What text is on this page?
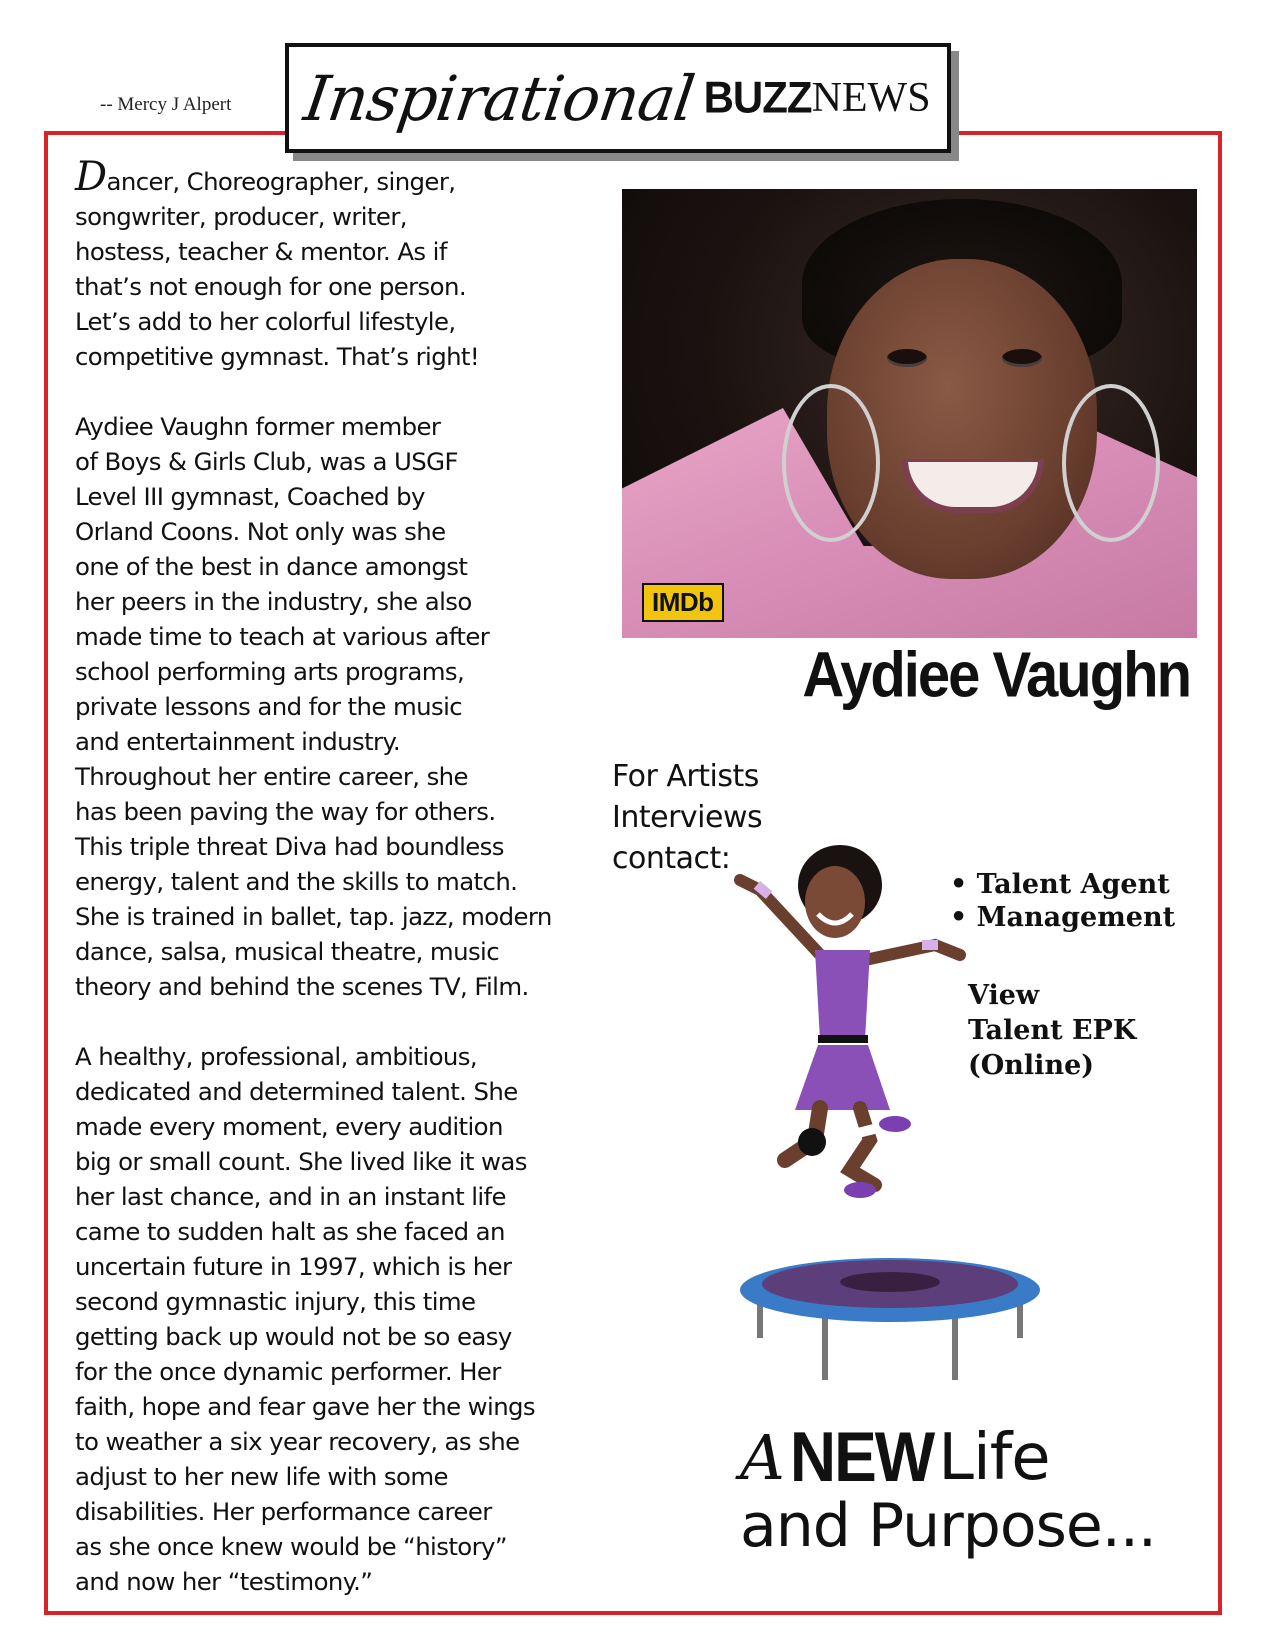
-- Mercy J Alpert Inspirational BUZZ NEWS

Dancer, Choreographer, singer,
songwriter, producer, writer,
hostess, teacher & mentor. As if
that’s not enough for one person.
Let’s add to her colorful lifestyle,
competitive gymnast. That’s right!

Aydiee Vaughn former member
of Boys & Girls Club, was a USGF
Level III gymnast, Coached by
Orland Coons. Not only was she
one of the best in dance amongst
her peers in the industry, she also
made time to teach at various after
school performing arts programs,
private lessons and for the music
and entertainment industry.
Throughout her entire career, she
has been paving the way for others.
This triple threat Diva had boundless
energy, talent and the skills to match.
She is trained in ballet, tap. jazz, modern
dance, salsa, musical theatre, music
theory and behind the scenes TV, Film.

A healthy, professional, ambitious,
dedicated and determined talent. She
made every moment, every audition
big or small count. She lived like it was
her last chance, and in an instant life
came to sudden halt as she faced an
uncertain future in 1997, which is her
second gymnastic injury, this time
getting back up would not be so easy
for the once dynamic performer. Her
faith, hope and fear gave her the wings
to weather a six year recovery, as she
adjust to her new life with some
disabilities. Her performance career
as she once knew would be “history”
and now her “testimony.”

IMDb
Aydiee Vaughn
For Artists
Interviews
contact:
• Talent Agent
• Management
View
Talent EPK
(Online)
A NEW Life
and Purpose...
